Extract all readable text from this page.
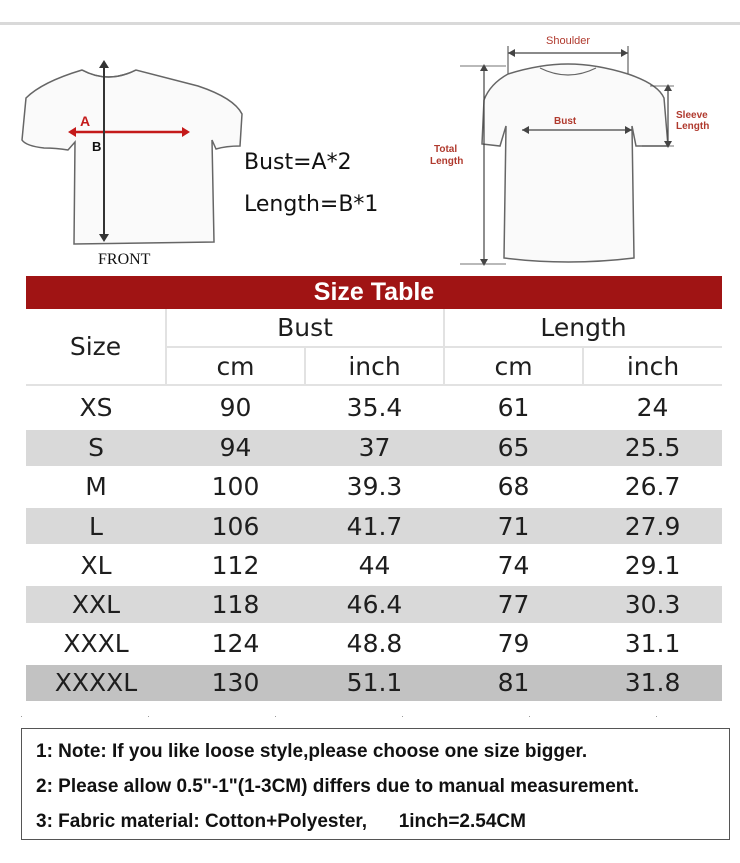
A
B
FRONT
Bust=A*2
Length=B*1
Shoulder
Bust
Total
Length
Sleeve
Length
Size Table
Size	Bust		Length	
	cm	inch	cm	inch

XS	90	35.4	61	24
S	94	37	65	25.5
M	100	39.3	68	26.7
L	106	41.7	71	27.9
XL	112	44	74	29.1
XXL	118	46.4	77	30.3
XXXL	124	48.8	79	31.1
XXXXL	130	51.1	81	31.8
1: Note: If you like loose style,please choose one size bigger.
2: Please allow 0.5"-1"(1-3CM) differs due to manual measurement.
3: Fabric material: Cotton+Polyester,      1inch=2.54CM
